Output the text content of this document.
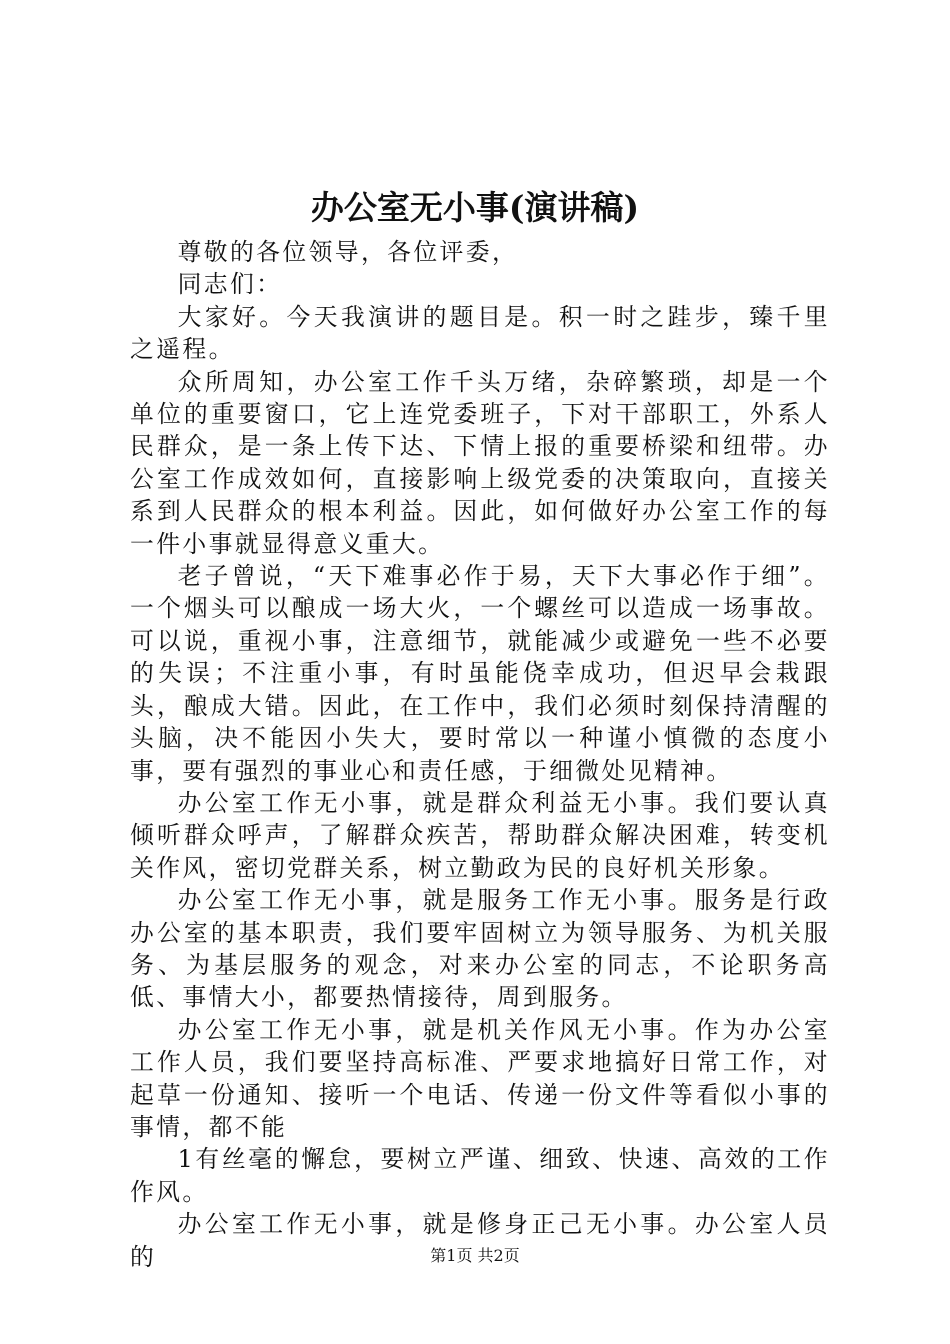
办公室无小事(演讲稿)

尊敬的各位领导，各位评委，

同志们：

大家好。今天我演讲的题目是。积一时之跬步，臻千里之遥程。

众所周知，办公室工作千头万绪，杂碎繁琐，却是一个单位的重要窗口，它上连党委班子，下对干部职工，外系人民群众，是一条上传下达、下情上报的重要桥梁和纽带。办公室工作成效如何，直接影响上级党委的决策取向，直接关系到人民群众的根本利益。因此，如何做好办公室工作的每一件小事就显得意义重大。

老子曾说，“天下难事必作于易，天下大事必作于细”。一个烟头可以酿成一场大火，一个螺丝可以造成一场事故。可以说，重视小事，注意细节，就能减少或避免一些不必要的失误；不注重小事，有时虽能侥幸成功，但迟早会栽跟头，酿成大错。因此，在工作中，我们必须时刻保持清醒的头脑，决不能因小失大，要时常以一种谨小慎微的态度小事，要有强烈的事业心和责任感，于细微处见精神。

办公室工作无小事，就是群众利益无小事。我们要认真倾听群众呼声，了解群众疾苦，帮助群众解决困难，转变机关作风，密切党群关系，树立勤政为民的良好机关形象。

办公室工作无小事，就是服务工作无小事。服务是行政办公室的基本职责，我们要牢固树立为领导服务、为机关服务、为基层服务的观念，对来办公室的同志，不论职务高低、事情大小，都要热情接待，周到服务。

办公室工作无小事，就是机关作风无小事。作为办公室工作人员，我们要坚持高标准、严要求地搞好日常工作，对起草一份通知、接听一个电话、传递一份文件等看似小事的事情，都不能

1有丝毫的懈怠，要树立严谨、细致、快速、高效的工作作风。

办公室工作无小事，就是修身正己无小事。办公室人员的	第1页 共2页
